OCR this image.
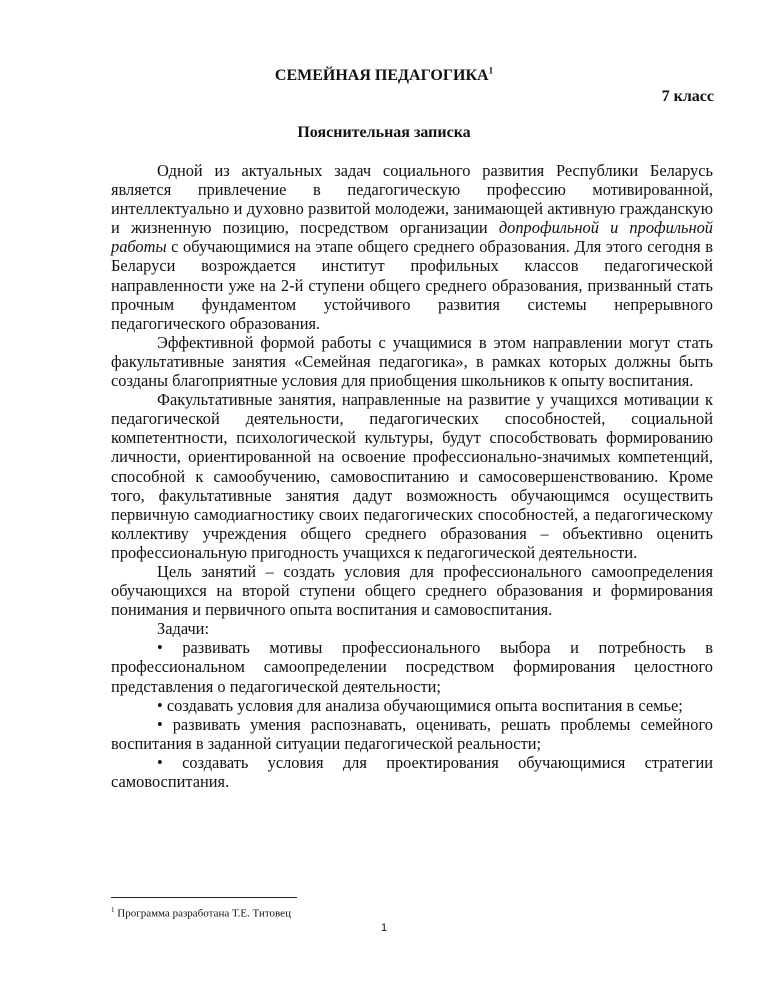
СЕМЕЙНАЯ ПЕДАГОГИКА$^1$
7 класс
Пояснительная записка

Одной из актуальных задач социального развития Республики Беларусь является привлечение в педагогическую профессию мотивированной, интеллектуально и духовно развитой молодежи, занимающей активную гражданскую и жизненную позицию, посредством организации допрофильной и профильной работы с обучающимися на этапе общего среднего образования. Для этого сегодня в Беларуси возрождается институт профильных классов педагогической направленности уже на 2-й ступени общего среднего образования, призванный стать прочным фундаментом устойчивого развития системы непрерывного педагогического образования.

Эффективной формой работы с учащимися в этом направлении могут стать факультативные занятия «Семейная педагогика», в рамках которых должны быть созданы благоприятные условия для приобщения школьников к опыту воспитания.

Факультативные занятия, направленные на развитие у учащихся мотивации к педагогической деятельности, педагогических способностей, социальной компетентности, психологической культуры, будут способствовать формированию личности, ориентированной на освоение профессионально-значимых компетенций, способной к самообучению, самовоспитанию и самосовершенствованию. Кроме того, факультативные занятия дадут возможность обучающимся осуществить первичную самодиагностику своих педагогических способностей, а педагогическому коллективу учреждения общего среднего образования – объективно оценить профессиональную пригодность учащихся к педагогической деятельности.

Цель занятий – создать условия для профессионального самоопределения обучающихся на второй ступени общего среднего образования и формирования понимания и первичного опыта воспитания и самовоспитания.

Задачи:

• развивать мотивы профессионального выбора и потребность в профессиональном самоопределении посредством формирования целостного представления о педагогической деятельности;

• создавать условия для анализа обучающимися опыта воспитания в семье;

• развивать умения распознавать, оценивать, решать проблемы семейного воспитания в заданной ситуации педагогической реальности;

• создавать условия для проектирования обучающимися стратегии самовоспитания.

$^1$ Программа разработана Т.Е. Титовец
1
